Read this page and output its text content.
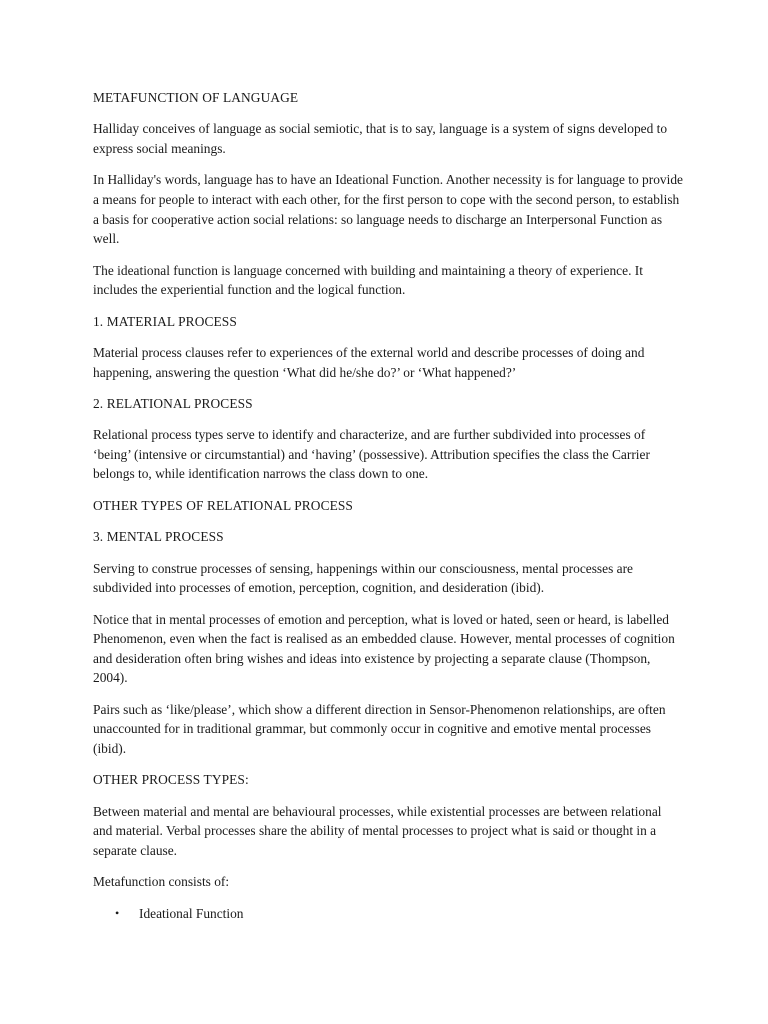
METAFUNCTION OF LANGUAGE

Halliday conceives of language as social semiotic, that is to say, language is a system of signs developed to express social meanings.

In Halliday's words, language has to have an Ideational Function. Another necessity is for language to provide a means for people to interact with each other, for the first person to cope with the second person, to establish a basis for cooperative action social relations: so language needs to discharge an Interpersonal Function as well.

The ideational function is language concerned with building and maintaining a theory of experience. It includes the experiential function and the logical function.

1. MATERIAL PROCESS

Material process clauses refer to experiences of the external world and describe processes of doing and happening, answering the question ‘What did he/she do?’ or ‘What happened?’

2. RELATIONAL PROCESS

Relational process types serve to identify and characterize, and are further subdivided into processes of ‘being’ (intensive or circumstantial) and ‘having’ (possessive). Attribution specifies the class the Carrier belongs to, while identification narrows the class down to one.

OTHER TYPES OF RELATIONAL PROCESS
3. MENTAL PROCESS

Serving to construe processes of sensing, happenings within our consciousness, mental processes are subdivided into processes of emotion, perception, cognition, and desideration (ibid).

Notice that in mental processes of emotion and perception, what is loved or hated, seen or heard, is labelled Phenomenon, even when the fact is realised as an embedded clause. However, mental processes of cognition and desideration often bring wishes and ideas into existence by projecting a separate clause (Thompson, 2004).

Pairs such as ‘like/please’, which show a different direction in Sensor-Phenomenon relationships, are often unaccounted for in traditional grammar, but commonly occur in cognitive and emotive mental processes (ibid).

OTHER PROCESS TYPES:

Between material and mental are behavioural processes, while existential processes are between relational and material. Verbal processes share the ability of mental processes to project what is said or thought in a separate clause.

Metafunction consists of:

• Ideational Function
